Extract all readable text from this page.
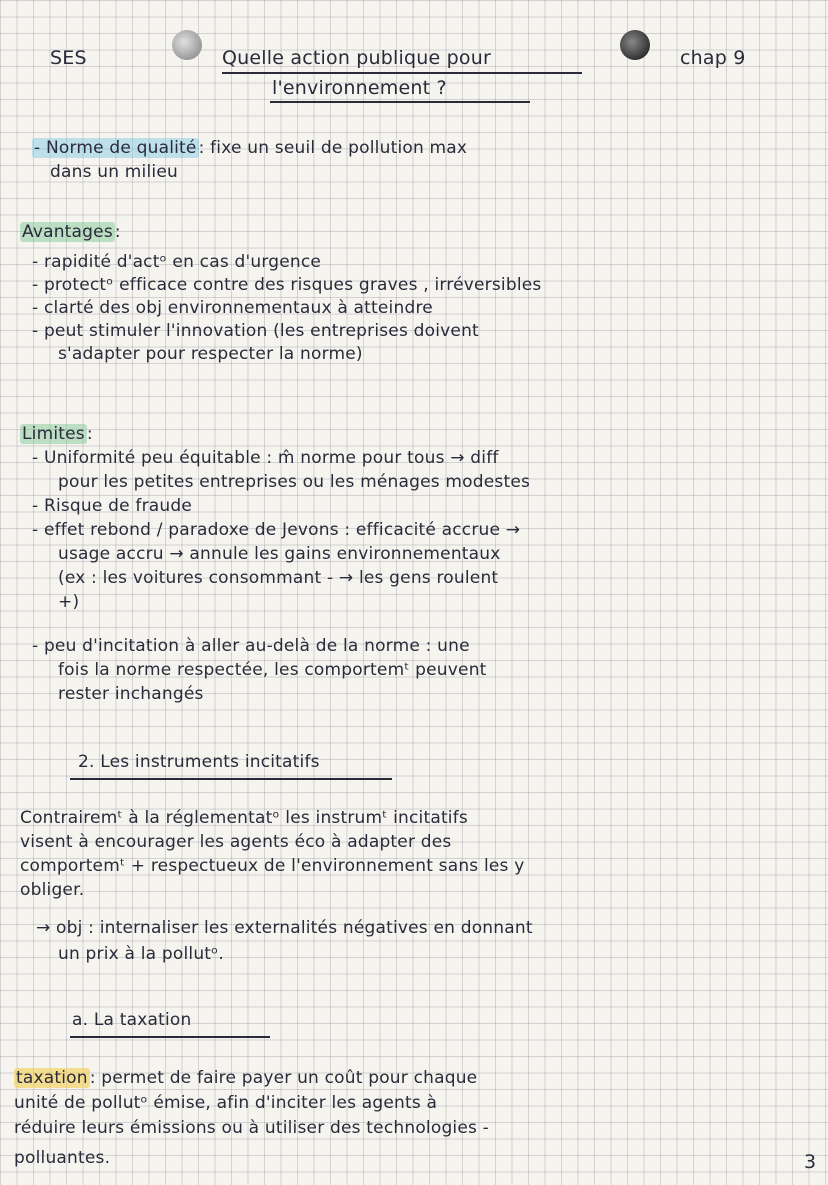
SES	Quelle action publique pour
l'environnement ?
chap 9
- Norme de qualité : fixe un seuil de pollution max
dans un milieu
Avantages :
- rapidité d'actᵒ en cas d'urgence
- protectᵒ efficace contre des risques graves , irréversibles
- clarté des obj environnementaux à atteindre
- peut stimuler l'innovation (les entreprises doivent
s'adapter pour respecter la norme)
Limites :
- Uniformité peu équitable : m̂ norme pour tous → diff
pour les petites entreprises ou les ménages modestes
- Risque de fraude
- effet rebond / paradoxe de Jevons : efficacité accrue →
usage accru → annule les gains environnementaux
(ex : les voitures consommant - → les gens roulent
+)
- peu d'incitation à aller au-delà de la norme : une
fois la norme respectée, les comportemᵗ peuvent
rester inchangés
2. Les instruments incitatifs
Contrairemᵗ à la réglementatᵒ les instrumᵗ incitatifs
visent à encourager les agents éco à adapter des
comportemᵗ + respectueux de l'environnement sans les y
obliger.
→ obj : internaliser les externalités négatives en donnant
un prix à la pollutᵒ.
a. La taxation
taxation : permet de faire payer un coût pour chaque
unité de pollutᵒ émise, afin d'inciter les agents à
réduire leurs émissions ou à utiliser des technologies -
polluantes.	3
